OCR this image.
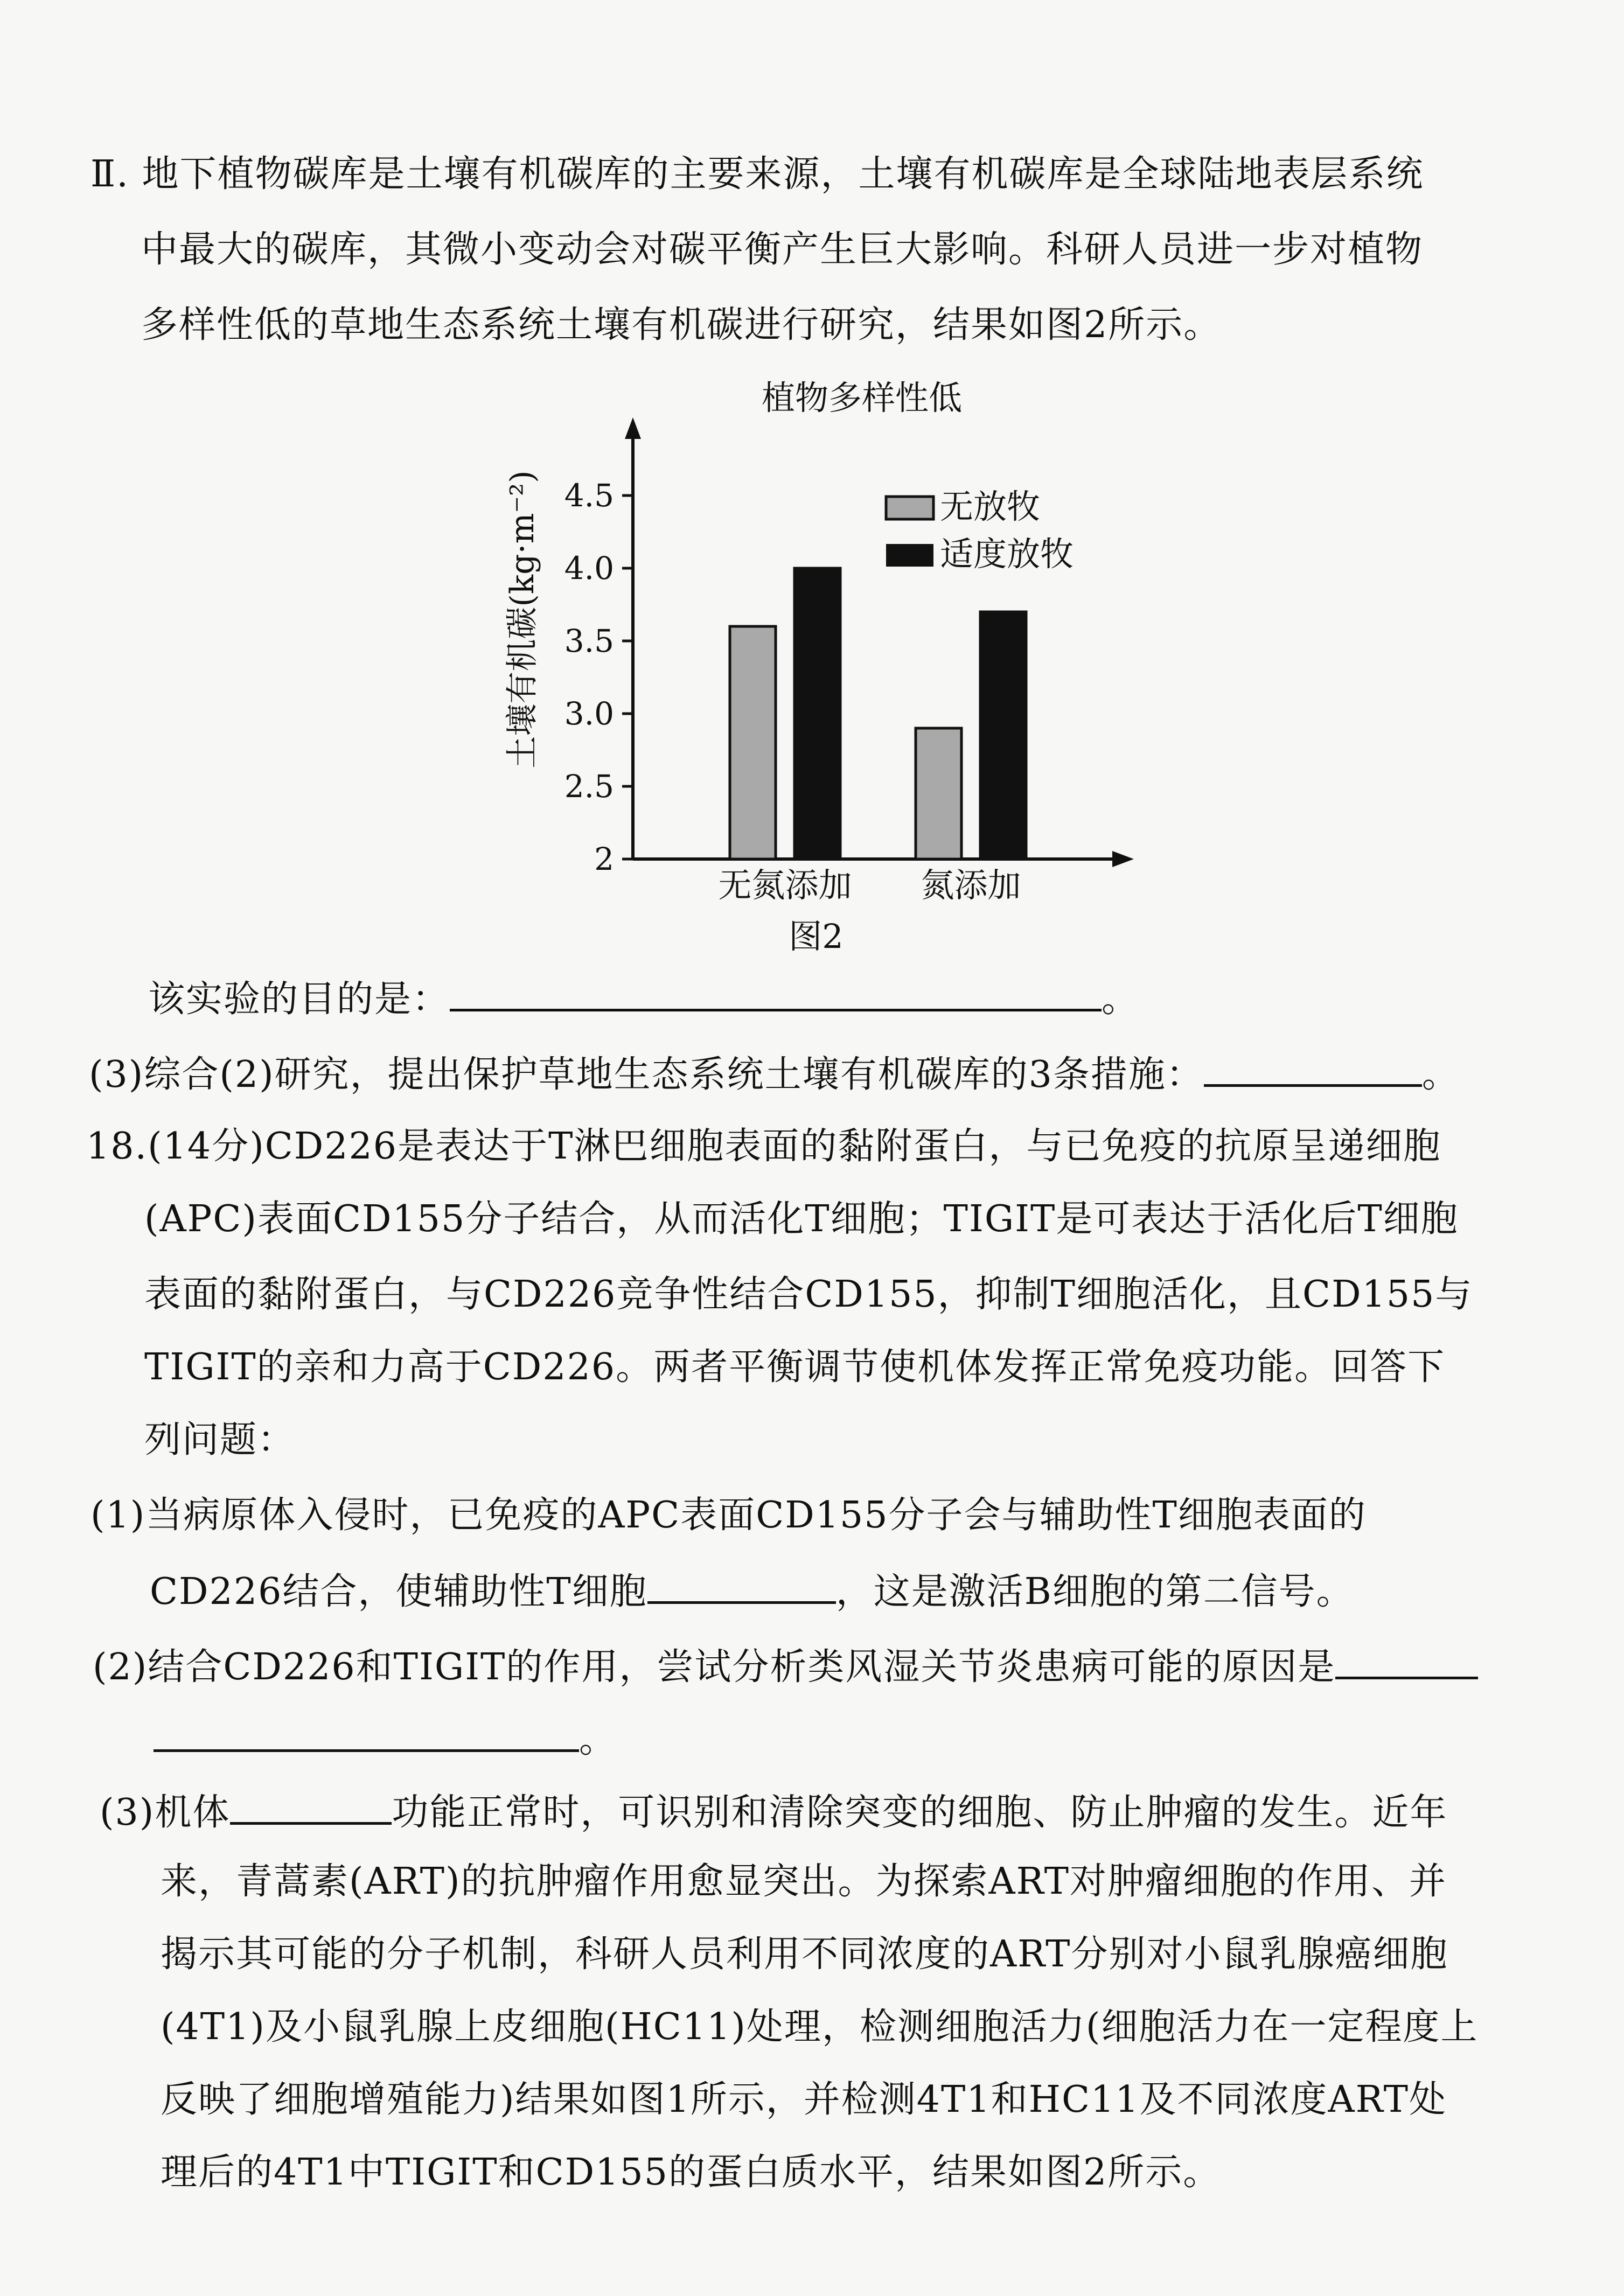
Ⅱ. 地下植物碳库是土壤有机碳库的主要来源，土壤有机碳库是全球陆地表层系统
中最大的碳库，其微小变动会对碳平衡产生巨大影响。科研人员进一步对植物
多样性低的草地生态系统土壤有机碳进行研究，结果如图2所示。
植物多样性低
土壤有机碳(kg·m⁻²)
2
2.5
3.0
3.5
4.0
4.5
无氮添加 氮添加
无放牧
适度放牧
图2
该实验的目的是：	。
(3)综合(2)研究，提出保护草地生态系统土壤有机碳库的3条措施：	。
18.(14分)CD226是表达于T淋巴细胞表面的黏附蛋白，与已免疫的抗原呈递细胞
(APC)表面CD155分子结合，从而活化T细胞；TIGIT是可表达于活化后T细胞
表面的黏附蛋白，与CD226竞争性结合CD155，抑制T细胞活化，且CD155与
TIGIT的亲和力高于CD226。两者平衡调节使机体发挥正常免疫功能。回答下
列问题：
(1)当病原体入侵时，已免疫的APC表面CD155分子会与辅助性T细胞表面的
CD226结合，使辅助性T细胞	，这是激活B细胞的第二信号。
(2)结合CD226和TIGIT的作用，尝试分析类风湿关节炎患病可能的原因是
。
(3)机体	功能正常时，可识别和清除突变的细胞、防止肿瘤的发生。近年
来，青蒿素(ART)的抗肿瘤作用愈显突出。为探索ART对肿瘤细胞的作用、并
揭示其可能的分子机制，科研人员利用不同浓度的ART分别对小鼠乳腺癌细胞
(4T1)及小鼠乳腺上皮细胞(HC11)处理，检测细胞活力(细胞活力在一定程度上
反映了细胞增殖能力)结果如图1所示，并检测4T1和HC11及不同浓度ART处
理后的4T1中TIGIT和CD155的蛋白质水平，结果如图2所示。
